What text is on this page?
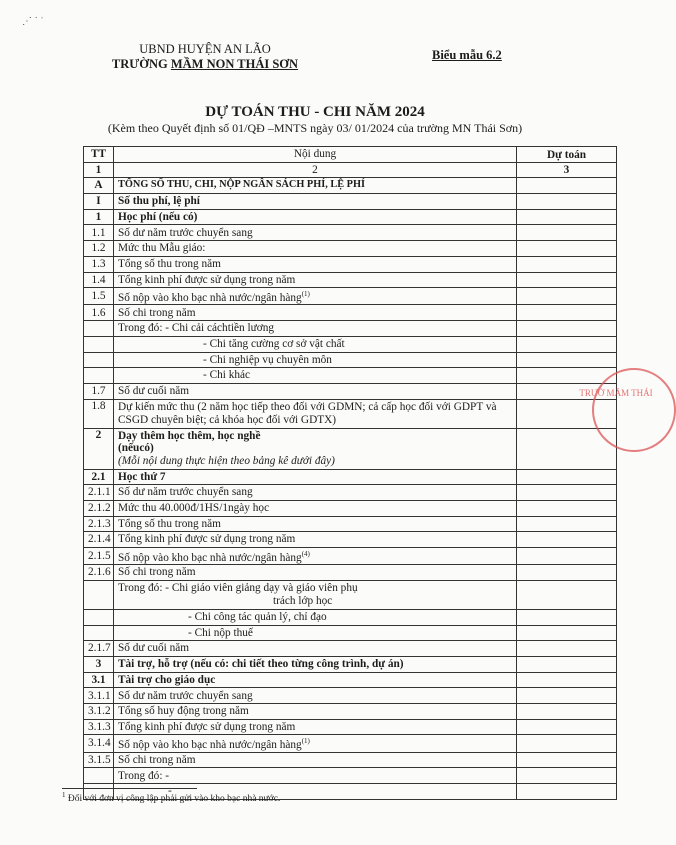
⋰ ˙ ˈ
UBND HUYỆN AN LÃO
TRƯỜNG MẦM NON THÁI SƠN
Biểu mẫu 6.2
DỰ TOÁN THU - CHI NĂM 2024
(Kèm theo Quyết định số 01/QĐ –MNTS ngày 03/ 01/2024 của trường MN Thái Sơn)
TT	Nội dung	Dự toán
1	2	3
A	TỔNG SỐ THU, CHI, NỘP NGÂN SÁCH PHÍ, LỆ PHÍ	
I	Số thu phí, lệ phí	
1	Học phí (nếu có)	
1.1	Số dư năm trước chuyển sang	
1.2	Mức thu Mẫu giáo:	
1.3	Tổng số thu trong năm	
1.4	Tổng kinh phí được sử dụng trong năm	
1.5	Số nộp vào kho bạc nhà nước/ngân hàng$^{(1)}$	
1.6	Số chi trong năm	
	Trong đó: - Chi cải cáchtiền lương	
	- Chi tăng cường cơ sở vật chất	
	- Chi nghiệp vụ chuyên môn	
	- Chi khác	
1.7	Số dư cuối năm	
1.8	Dự kiến mức thu (2 năm học tiếp theo đối với GDMN; cả cấp học đối với GDPT và CSGD chuyên biệt; cả khóa học đối với GDTX)	
2	Dạy thêm học thêm, học nghề
(nếucó)
(Mỗi nội dung thực hiện theo bảng kê dưới đây)	

2.1	Học thứ 7	
2.1.1	Số dư năm trước chuyển sang	
2.1.2	Mức thu 40.000đ/1HS/1ngày học	
2.1.3	Tổng số thu trong năm	
2.1.4	Tổng kinh phí được sử dụng trong năm	
2.1.5	Số nộp vào kho bạc nhà nước/ngân hàng$^{(4)}$	
2.1.6	Số chi trong năm	
	Trong đó: - Chi giáo viên giảng dạy và giáo viên phụ
trách lớp học	

	- Chi công tác quản lý, chỉ đạo	
	- Chi nộp thuế	
2.1.7	Số dư cuối năm	
3	Tài trợ, hỗ trợ (nếu có: chi tiết theo từng công trình, dự án)	
3.1	Tài trợ cho giáo dục	
3.1.1	Số dư năm trước chuyển sang	
3.1.2	Tổng số huy động trong năm	
3.1.3	Tổng kinh phí được sử dụng trong năm	
3.1.4	Số nộp vào kho bạc nhà nước/ngân hàng$^{(1)}$	
3.1.5	Số chi trong năm	
	Trong đó: -	
	-	
$^1$ Đối với đơn vị công lập phải gửi vào kho bạc nhà nước.
TRƯỜ MẦM THÁI
